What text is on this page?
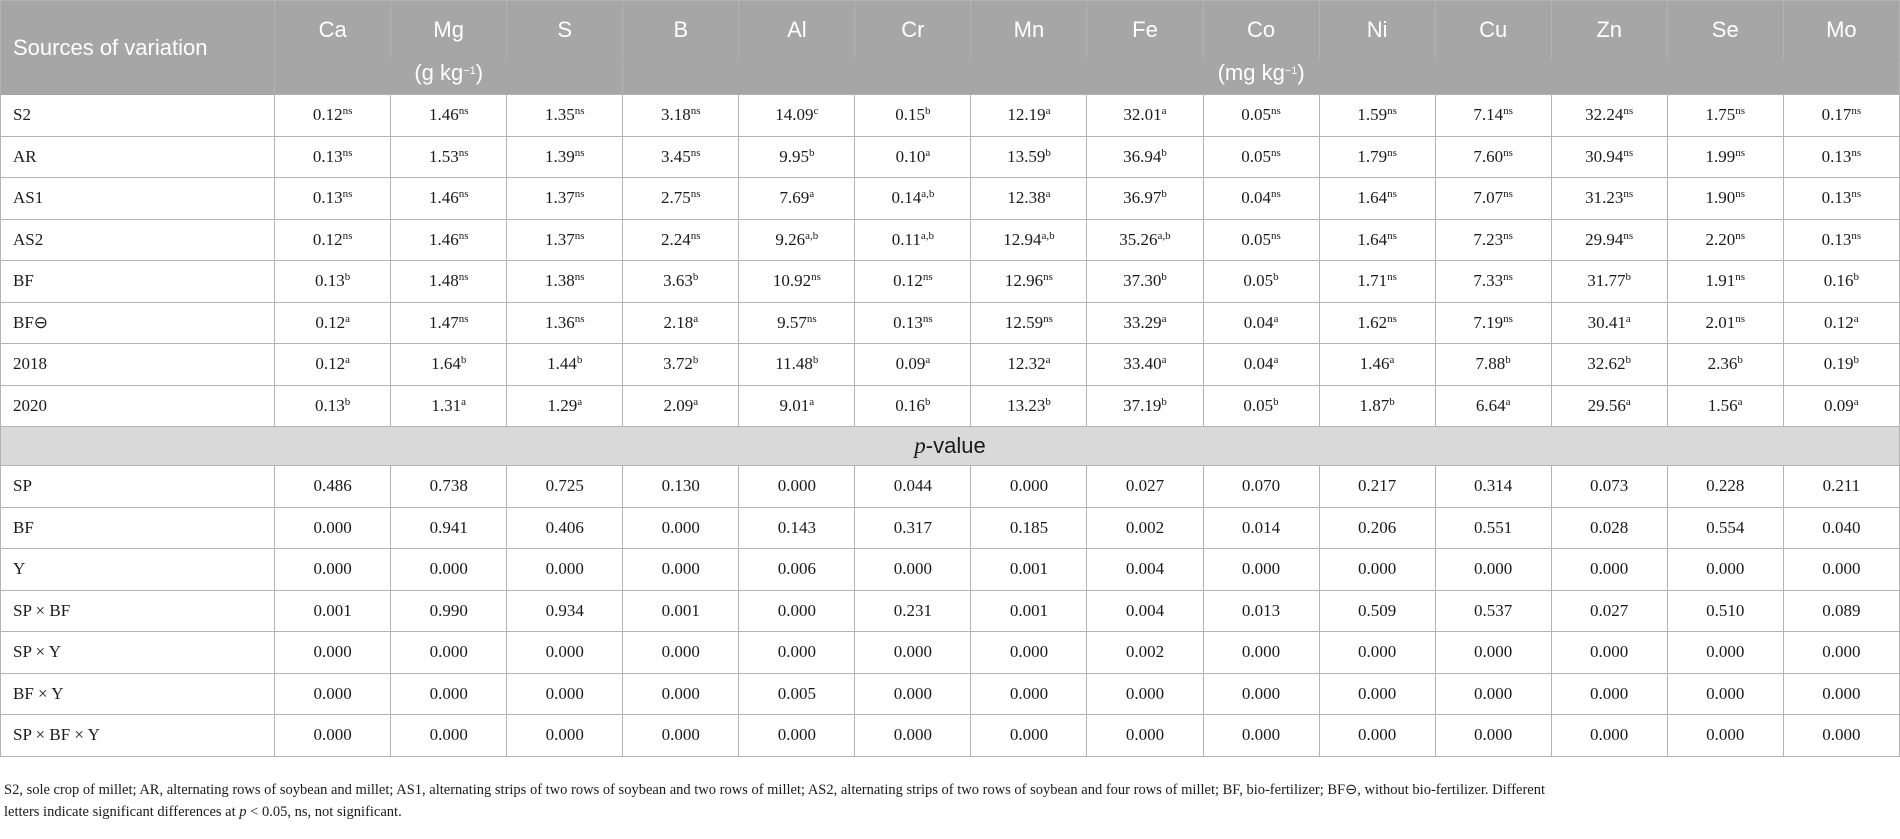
Sources of variation	Ca	Mg	S	B	Al	Cr	Mn	Fe	Co	Ni	Cu	Zn	Se	Mo
	(g $kg^{-1}$)			(mg $kg^{-1}$)										
S2	$0.12^{ns}$	$1.46^{ns}$	$1.35^{ns}$	$3.18^{ns}$	14.09$^c$	0.15$^b$	12.19$^a$	32.01$^a$	$0.05^{ns}$	$1.59^{ns}$	$7.14^{ns}$	$32.24^{ns}$	$1.75^{ns}$	$0.17^{ns}$
AR	$0.13^{ns}$	$1.53^{ns}$	$1.39^{ns}$	$3.45^{ns}$	9.95$^b$	0.10$^a$	13.59$^b$	36.94$^b$	$0.05^{ns}$	$1.79^{ns}$	$7.60^{ns}$	$30.94^{ns}$	$1.99^{ns}$	$0.13^{ns}$
AS1	$0.13^{ns}$	$1.46^{ns}$	$1.37^{ns}$	$2.75^{ns}$	7.69$^a$	0.14$^{a,b}$	12.38$^a$	36.97$^b$	$0.04^{ns}$	$1.64^{ns}$	$7.07^{ns}$	$31.23^{ns}$	$1.90^{ns}$	$0.13^{ns}$
AS2	$0.12^{ns}$	$1.46^{ns}$	$1.37^{ns}$	$2.24^{ns}$	9.26$^{a,b}$	0.11$^{a,b}$	12.94$^{a,b}$	35.26$^{a,b}$	$0.05^{ns}$	$1.64^{ns}$	$7.23^{ns}$	$29.94^{ns}$	$2.20^{ns}$	$0.13^{ns}$
BF	0.13$^b$	$1.48^{ns}$	$1.38^{ns}$	3.63$^b$	$10.92^{ns}$	$0.12^{ns}$	$12.96^{ns}$	37.30$^b$	0.05$^b$	$1.71^{ns}$	$7.33^{ns}$	31.77$^b$	$1.91^{ns}$	0.16$^b$
BF⊖	0.12$^a$	$1.47^{ns}$	$1.36^{ns}$	2.18$^a$	$9.57^{ns}$	$0.13^{ns}$	$12.59^{ns}$	33.29$^a$	0.04$^a$	$1.62^{ns}$	$7.19^{ns}$	30.41$^a$	$2.01^{ns}$	0.12$^a$
2018	0.12$^a$	1.64$^b$	1.44$^b$	3.72$^b$	11.48$^b$	0.09$^a$	12.32$^a$	33.40$^a$	0.04$^a$	1.46$^a$	7.88$^b$	32.62$^b$	2.36$^b$	0.19$^b$
2020	0.13$^b$	1.31$^a$	1.29$^a$	2.09$^a$	9.01$^a$	0.16$^b$	13.23$^b$	37.19$^b$	0.05$^b$	1.87$^b$	6.64$^a$	29.56$^a$	1.56$^a$	0.09$^a$
p-value														
SP	0.486	0.738	0.725	0.130	0.000	0.044	0.000	0.027	0.070	0.217	0.314	0.073	0.228	0.211
BF	0.000	0.941	0.406	0.000	0.143	0.317	0.185	0.002	0.014	0.206	0.551	0.028	0.554	0.040
Y	0.000	0.000	0.000	0.000	0.006	0.000	0.001	0.004	0.000	0.000	0.000	0.000	0.000	0.000
SP × BF	0.001	0.990	0.934	0.001	0.000	0.231	0.001	0.004	0.013	0.509	0.537	0.027	0.510	0.089
SP × Y	0.000	0.000	0.000	0.000	0.000	0.000	0.000	0.002	0.000	0.000	0.000	0.000	0.000	0.000
BF × Y	0.000	0.000	0.000	0.000	0.005	0.000	0.000	0.000	0.000	0.000	0.000	0.000	0.000	0.000
SP × BF × Y	0.000	0.000	0.000	0.000	0.000	0.000	0.000	0.000	0.000	0.000	0.000	0.000	0.000	0.000
S2, sole crop of millet; AR, alternating rows of soybean and millet; AS1, alternating strips of two rows of soybean and two rows of millet; AS2, alternating strips of two rows of soybean and four rows of millet; BF, bio-fertilizer; BF⊖, without bio-fertilizer. Different
letters indicate significant differences at p < 0.05, ns, not significant.
